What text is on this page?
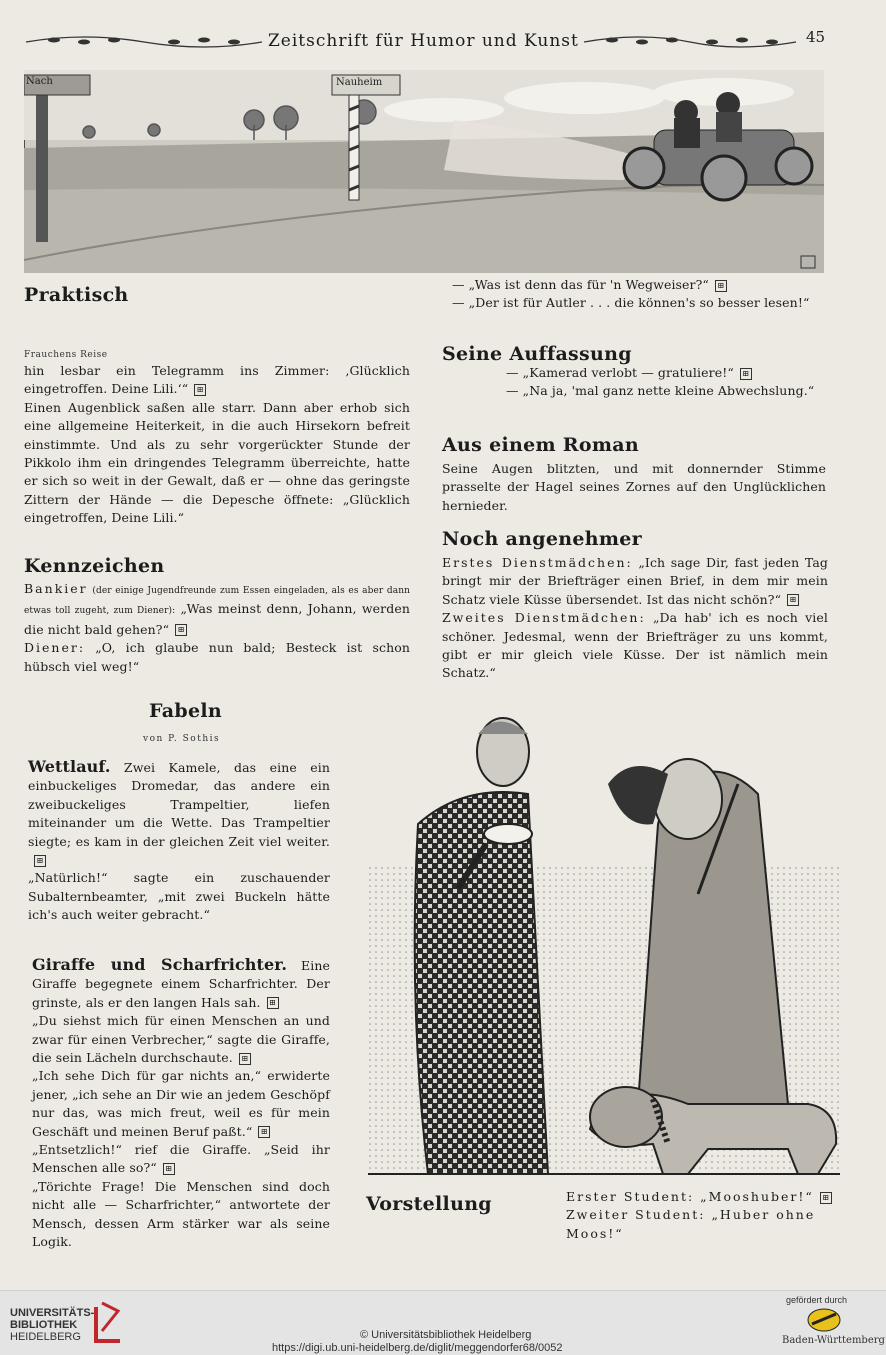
Zeitschrift für Humor und Kunst	45
Nach	Nauheim
Praktisch	— „Was ist denn das für 'n Wegweiser?“ ⊞

— „Der ist für Autler . . . die können's so besser lesen!“

Frauchens Reise

hin lesbar ein Telegramm ins Zimmer: ‚Glücklich eingetroffen. Deine Lili.‘“ ⊞

Einen Augenblick saßen alle starr. Dann aber erhob sich eine allgemeine Heiterkeit, in die auch Hirsekorn befreit einstimmte. Und als zu sehr vorgerückter Stunde der Pikkolo ihm ein dringendes Telegramm überreichte, hatte er sich so weit in der Gewalt, daß er — ohne das geringste Zittern der Hände — die Depesche öffnete: „Glücklich eingetroffen, Deine Lili.“

Seine Auffassung

— „Kamerad verlobt — gratuliere!“ ⊞

— „Na ja, 'mal ganz nette kleine Abwechslung.“

Aus einem Roman
Seine Augen blitzten, und mit donnernder Stimme prasselte der Hagel seines Zornes auf den Unglücklichen hernieder.
Kennzeichen
Bankier (der einige Jugendfreunde zum Essen eingeladen, als es aber dann etwas toll zugeht, zum Diener): „Was meinst denn, Johann, werden die nicht bald gehen?“ ⊞
Diener: „O, ich glaube nun bald; Besteck ist schon hübsch viel weg!“
Noch angenehmer
Erstes Dienstmädchen: „Ich sage Dir, fast jeden Tag bringt mir der Briefträger einen Brief, in dem mir mein Schatz viele Küsse übersendet. Ist das nicht schön?“ ⊞
Zweites Dienstmädchen: „Da hab' ich es noch viel schöner. Jedesmal, wenn der Briefträger zu uns kommt, gibt er mir gleich viele Küsse. Der ist nämlich mein Schatz.“
Fabeln
von P. Sothis

Wettlauf. Zwei Kamele, das eine ein einbuckeliges Dromedar, das andere ein zweibuckeliges Trampeltier, liefen miteinander um die Wette. Das Trampeltier siegte; es kam in der gleichen Zeit viel weiter.⊞

„Natürlich!“ sagte ein zuschauender Subalternbeamter, „mit zwei Buckeln hätte ich's auch weiter gebracht.“

Giraffe und Scharfrichter. Eine Giraffe begegnete einem Scharfrichter. Der grinste, als er den langen Hals sah. ⊞

„Du siehst mich für einen Menschen an und zwar für einen Verbrecher,“ sagte die Giraffe, die sein Lächeln durchschaute. ⊞

„Ich sehe Dich für gar nichts an,“ erwiderte jener, „ich sehe an Dir wie an jedem Geschöpf nur das, was mich freut, weil es für mein Geschäft und meinen Beruf paßt.“ ⊞

„Entsetzlich!“ rief die Giraffe. „Seid ihr Menschen alle so?“ ⊞

„Törichte Frage! Die Menschen sind doch nicht alle — Scharfrichter,“ antwortete der Mensch, dessen Arm stärker war als seine Logik.

Vorstellung	Erster Student: „Mooshuber!“ ⊞

Zweiter Student: „Huber ohne Moos!“

UNIVERSITÄTS-
BIBLIOTHEK
HEIDELBERG	© Universitätsbibliothek Heidelberg
https://digi.ub.uni-heidelberg.de/diglit/meggendorfer68/0052
gefördert durch
Baden-Württemberg
